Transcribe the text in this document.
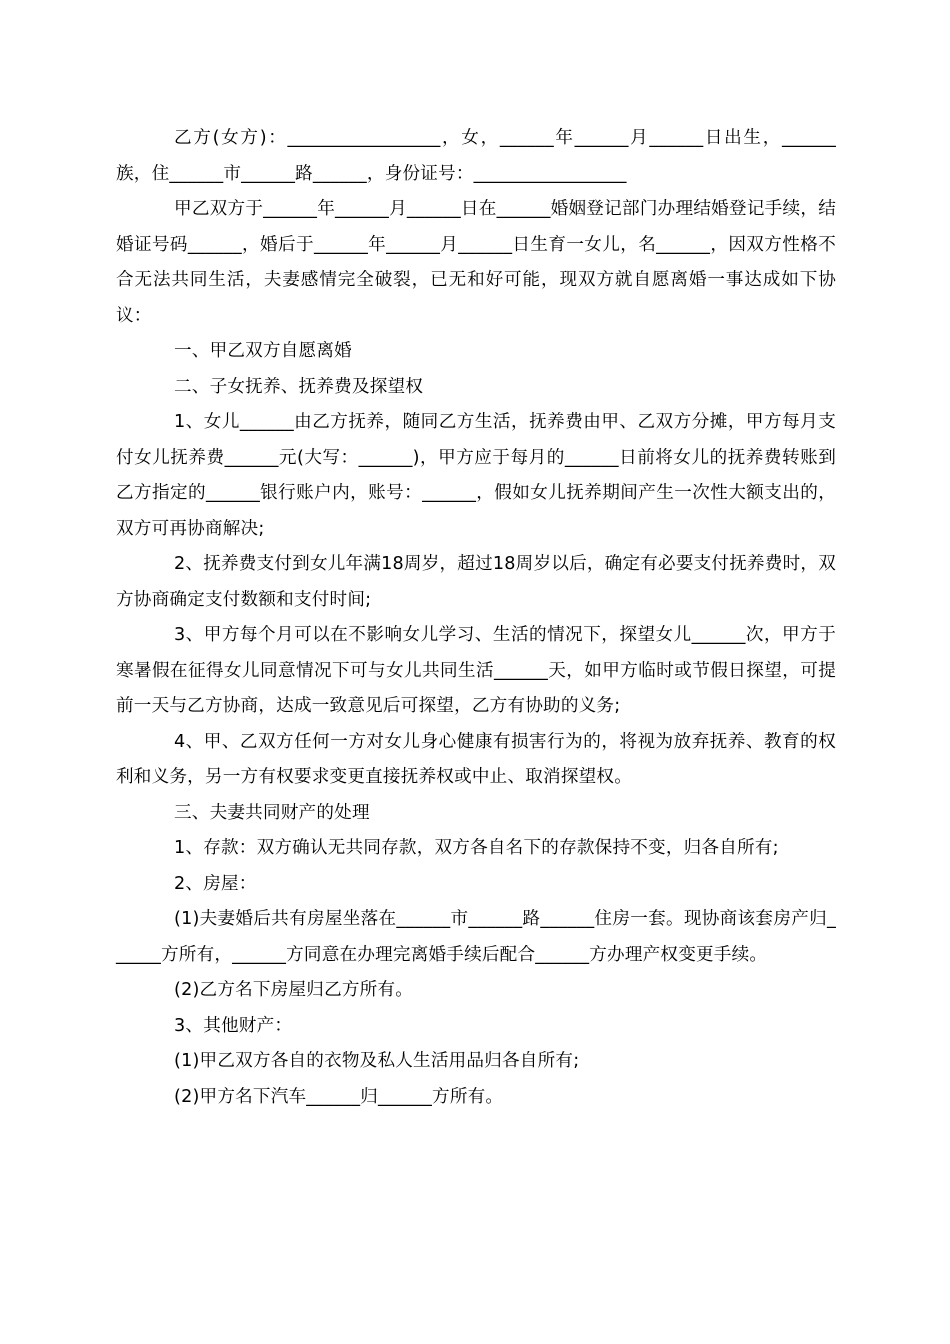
乙方(女方)：_________________，女，______年______月______日出生，______族，住______市______路______，身份证号：_________________

甲乙双方于______年______月______日在______婚姻登记部门办理结婚登记手续，结婚证号码______，婚后于______年______月______日生育一女儿，名______，因双方性格不合无法共同生活，夫妻感情完全破裂，已无和好可能，现双方就自愿离婚一事达成如下协议：

一、甲乙双方自愿离婚

二、子女抚养、抚养费及探望权

1、女儿______由乙方抚养，随同乙方生活，抚养费由甲、乙双方分摊，甲方每月支付女儿抚养费______元(大写：______)，甲方应于每月的______日前将女儿的抚养费转账到乙方指定的______银行账户内，账号：______，假如女儿抚养期间产生一次性大额支出的，双方可再协商解决;

2、抚养费支付到女儿年满18周岁，超过18周岁以后，确定有必要支付抚养费时，双方协商确定支付数额和支付时间;

3、甲方每个月可以在不影响女儿学习、生活的情况下，探望女儿______次，甲方于寒暑假在征得女儿同意情况下可与女儿共同生活______天，如甲方临时或节假日探望，可提前一天与乙方协商，达成一致意见后可探望，乙方有协助的义务;

4、甲、乙双方任何一方对女儿身心健康有损害行为的，将视为放弃抚养、教育的权利和义务，另一方有权要求变更直接抚养权或中止、取消探望权。

三、夫妻共同财产的处理

1、存款：双方确认无共同存款，双方各自名下的存款保持不变，归各自所有;

2、房屋：

(1)夫妻婚后共有房屋坐落在______市______路______住房一套。现协商该套房产归______方所有，______方同意在办理完离婚手续后配合______方办理产权变更手续。

(2)乙方名下房屋归乙方所有。

3、其他财产：

(1)甲乙双方各自的衣物及私人生活用品归各自所有;

(2)甲方名下汽车______归______方所有。
